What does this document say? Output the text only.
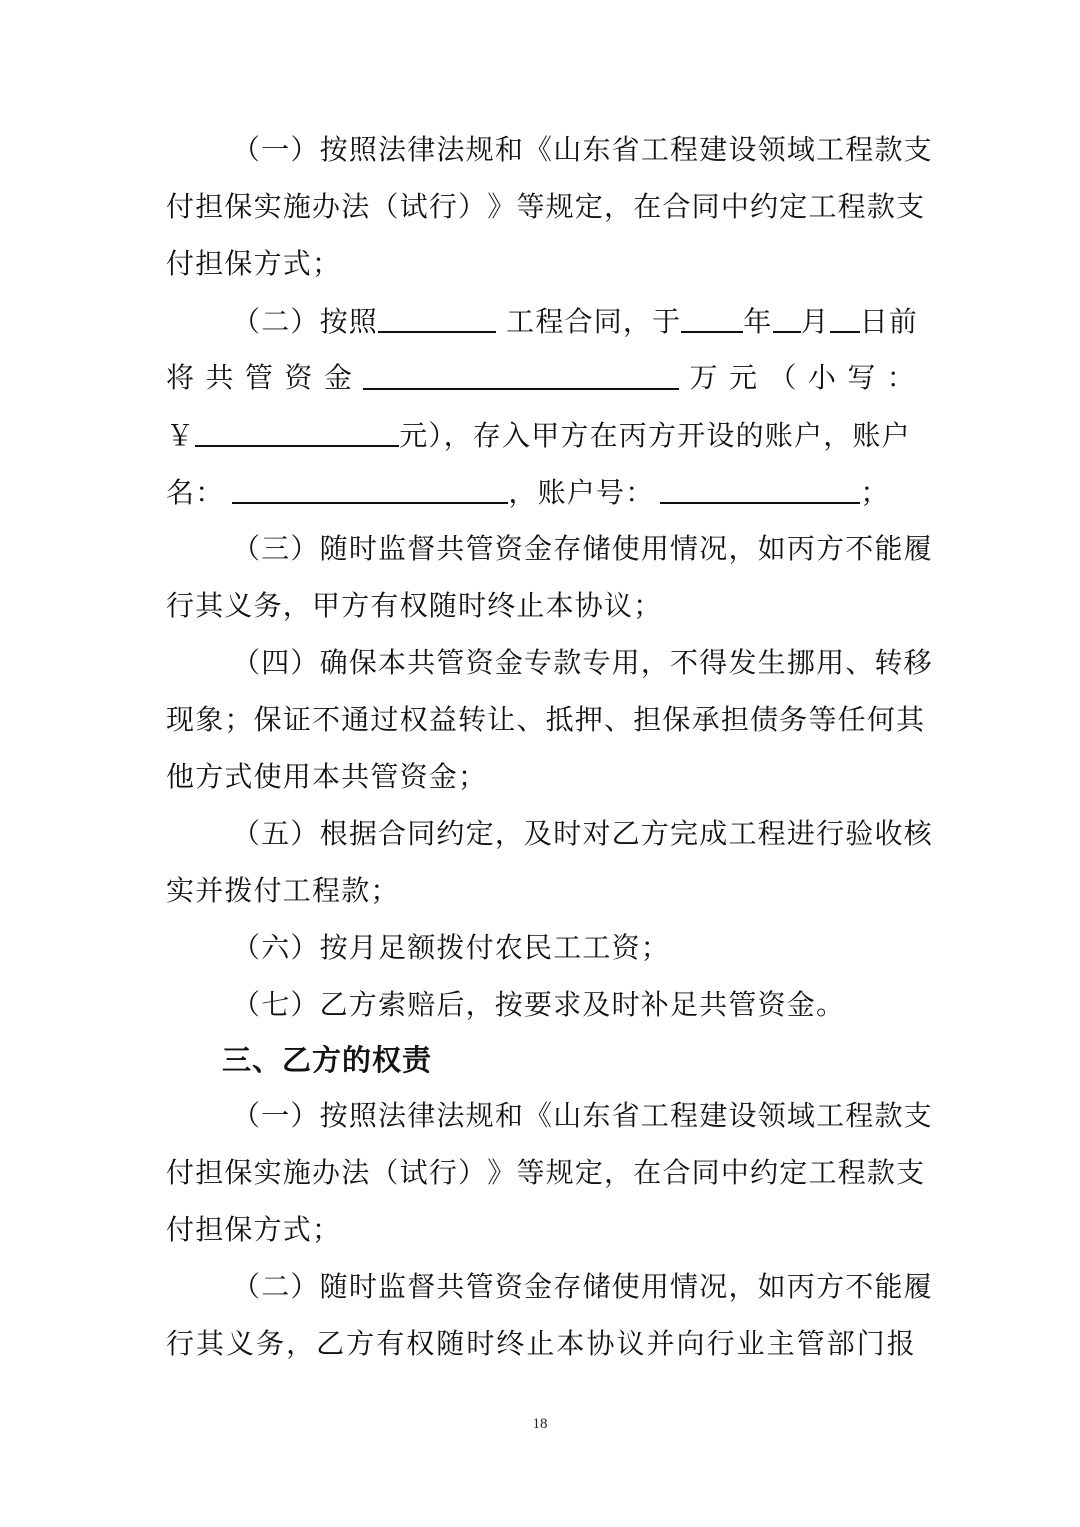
（ 一 ） 按 照 法 律 法 规 和 《 山 东 省 工 程 建 设 领 域 工 程 款 支
付 担 保 实 施 办 法 （ 试 行 ） 》 等 规 定 ， 在 合 同 中 约 定 工 程 款 支
付担保方式；
（二）按照	工程合同，于 年 月 日前
将 共 管 资 金	万 元 （ 小 写 ：
￥	元），存入甲方在丙方开设的账户，账户
名：	，账户号：	；
（ 三 ） 随 时 监 督 共 管 资 金 存 储 使 用 情 况 ， 如 丙 方 不 能 履
行其义务，甲方有权随时终止本协议；
（ 四 ） 确 保 本 共 管 资 金 专 款 专 用 ， 不 得 发 生 挪 用 、 转 移
现 象 ； 保 证 不 通 过 权 益 转 让 、 抵 押 、 担 保 承 担 债 务 等 任 何 其
他方式使用本共管资金；
（ 五 ） 根 据 合 同 约 定 ， 及 时 对 乙 方 完 成 工 程 进 行 验 收 核
实并拨付工程款；
（六）按月足额拨付农民工工资；
（七）乙方索赔后，按要求及时补足共管资金。
三、乙方的权责
（ 一 ） 按 照 法 律 法 规 和 《 山 东 省 工 程 建 设 领 域 工 程 款 支
付 担 保 实 施 办 法 （ 试 行 ） 》 等 规 定 ， 在 合 同 中 约 定 工 程 款 支
付担保方式；
（ 二 ） 随 时 监 督 共 管 资 金 存 储 使 用 情 况 ， 如 丙 方 不 能 履
行 其 义 务 ， 乙 方 有 权 随 时 终 止 本 协 议 并 向 行 业 主 管 部 门 报
18
